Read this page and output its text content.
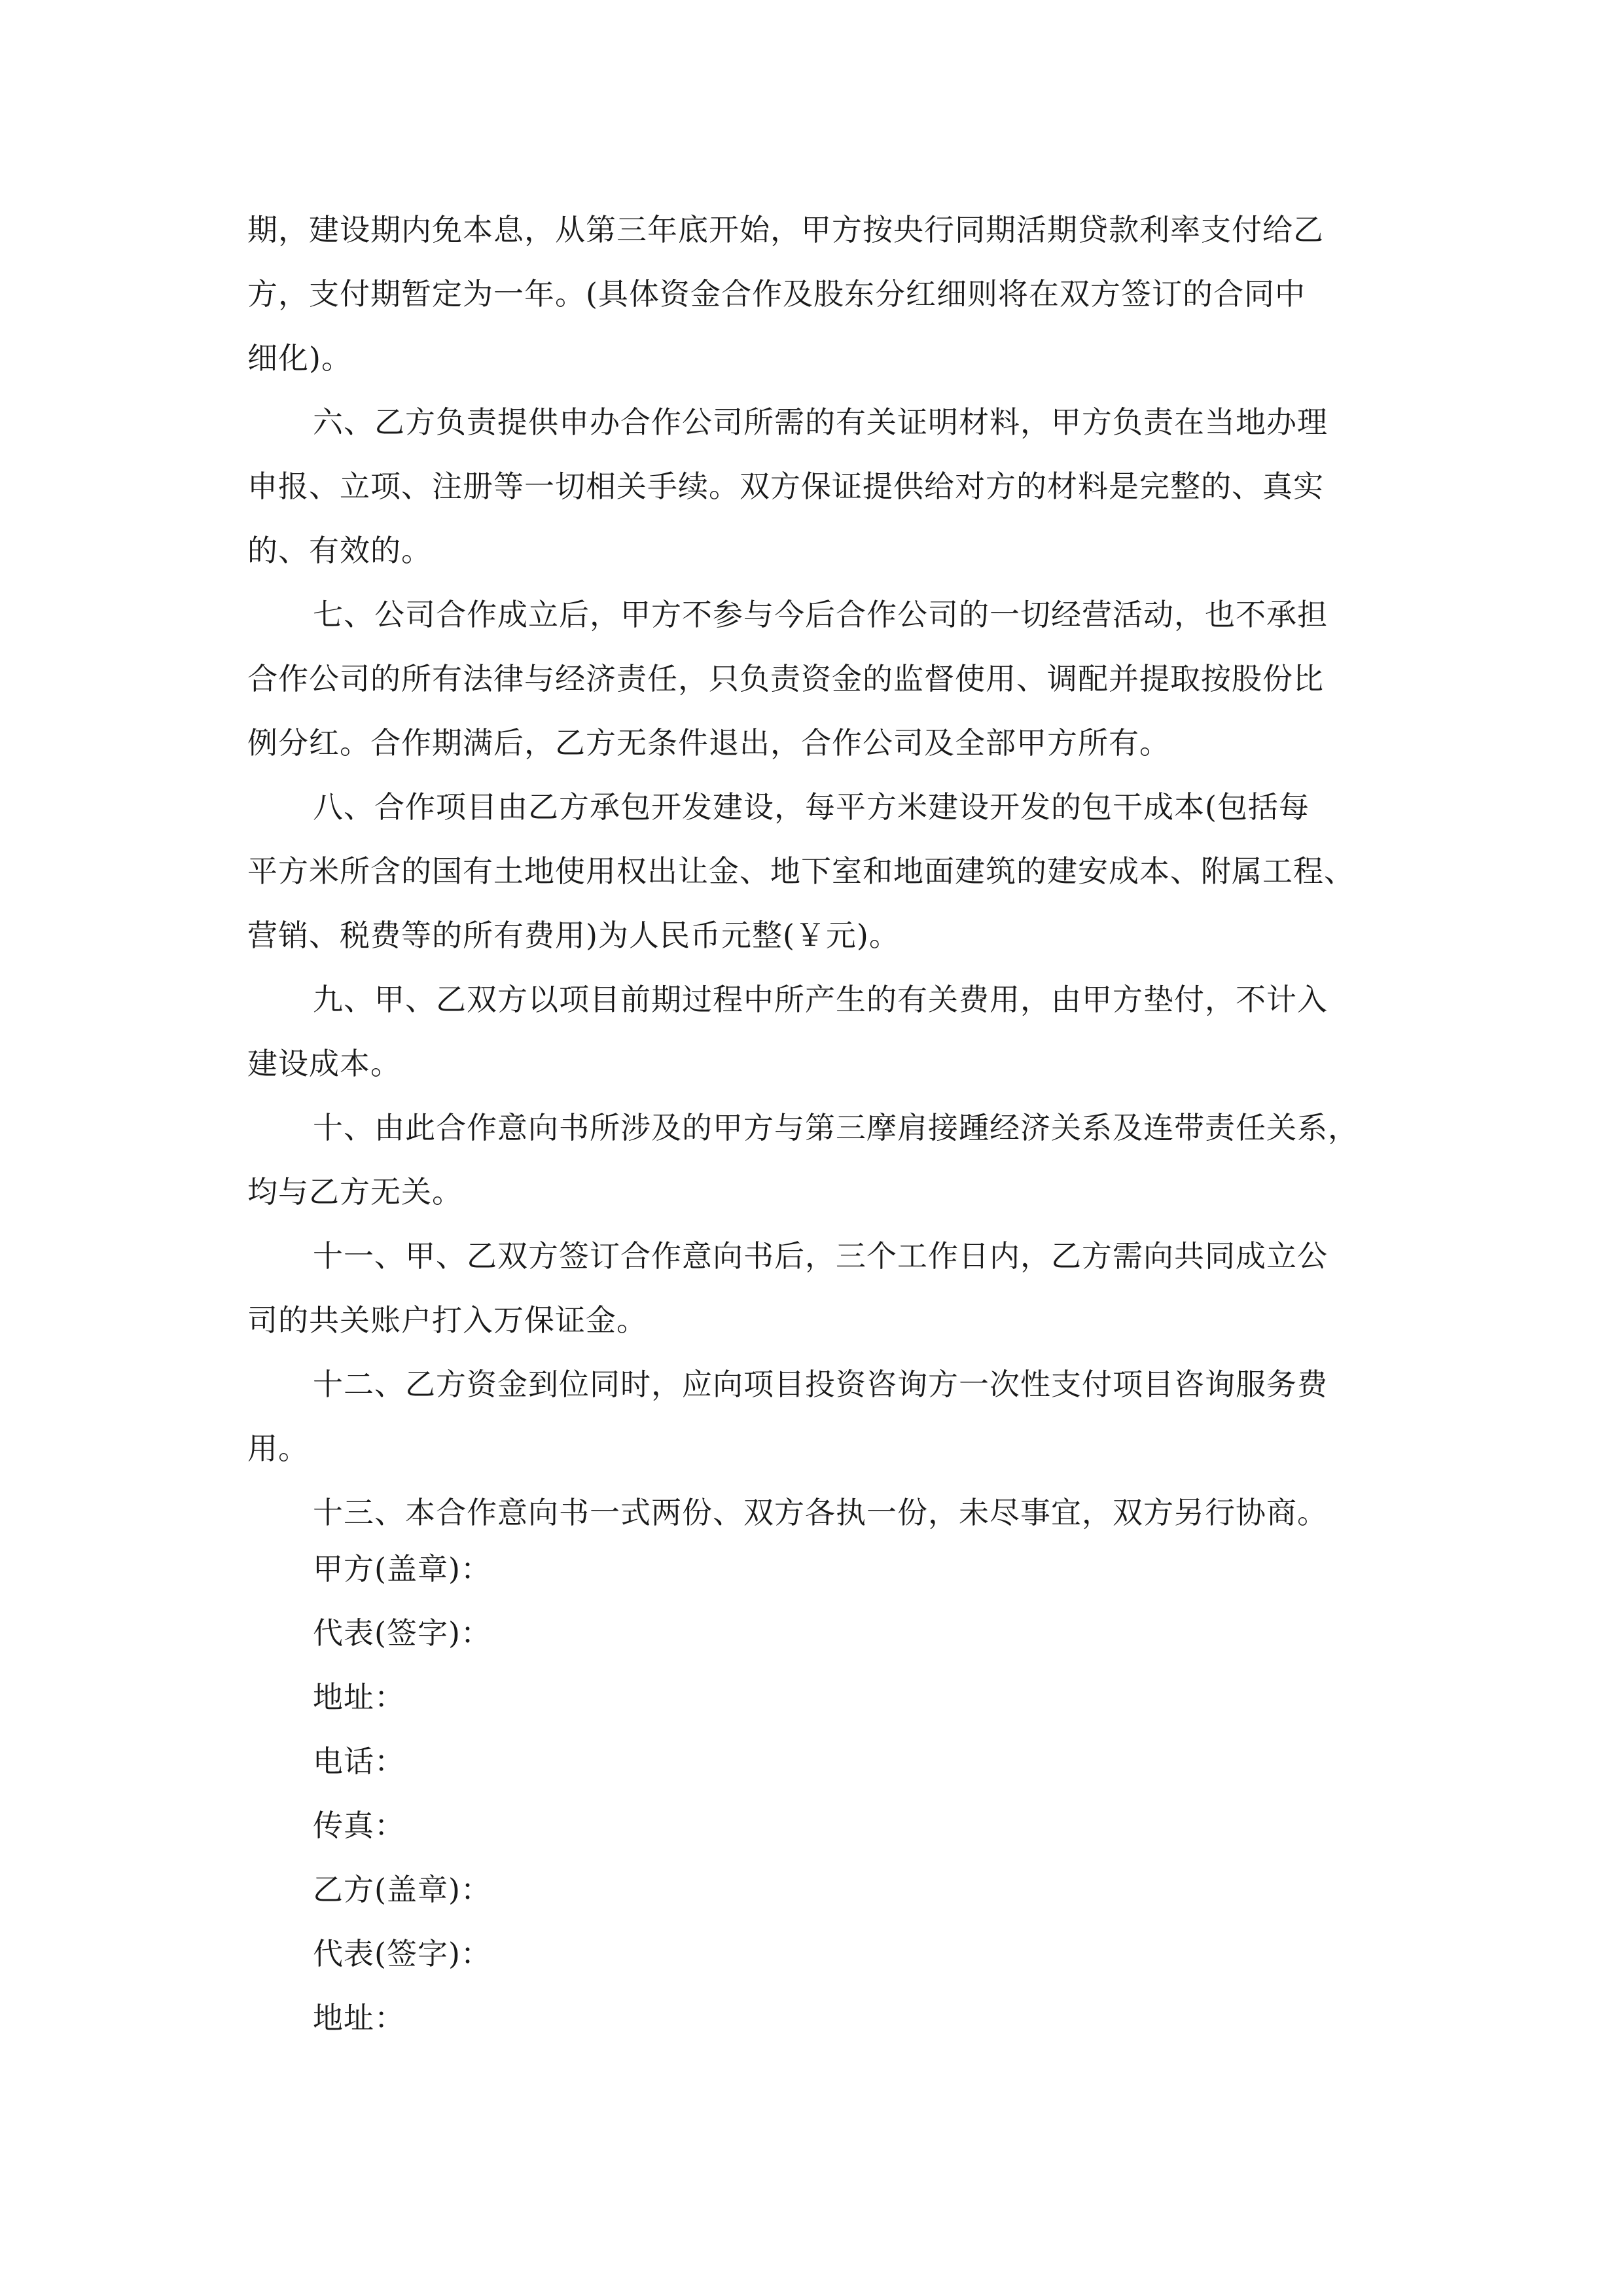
期，建设期内免本息，从第三年底开始，甲方按央行同期活期贷款利率支付给乙
方，支付期暂定为一年。(具体资金合作及股东分红细则将在双方签订的合同中
细化)。
六、乙方负责提供申办合作公司所需的有关证明材料，甲方负责在当地办理
申报、立项、注册等一切相关手续。双方保证提供给对方的材料是完整的、真实
的、有效的。
七、公司合作成立后，甲方不参与今后合作公司的一切经营活动，也不承担
合作公司的所有法律与经济责任，只负责资金的监督使用、调配并提取按股份比
例分红。合作期满后，乙方无条件退出，合作公司及全部甲方所有。
八、合作项目由乙方承包开发建设，每平方米建设开发的包干成本(包括每
平方米所含的国有土地使用权出让金、地下室和地面建筑的建安成本、附属工程、
营销、税费等的所有费用)为人民币元整(￥元)。
九、甲、乙双方以项目前期过程中所产生的有关费用，由甲方垫付，不计入
建设成本。
十、由此合作意向书所涉及的甲方与第三摩肩接踵经济关系及连带责任关系，
均与乙方无关。
十一、甲、乙双方签订合作意向书后，三个工作日内，乙方需向共同成立公
司的共关账户打入万保证金。
十二、乙方资金到位同时，应向项目投资咨询方一次性支付项目咨询服务费
用。
十三、本合作意向书一式两份、双方各执一份，未尽事宜，双方另行协商。
甲方(盖章)：
代表(签字)：
地址：
电话：
传真：
乙方(盖章)：
代表(签字)：
地址：
